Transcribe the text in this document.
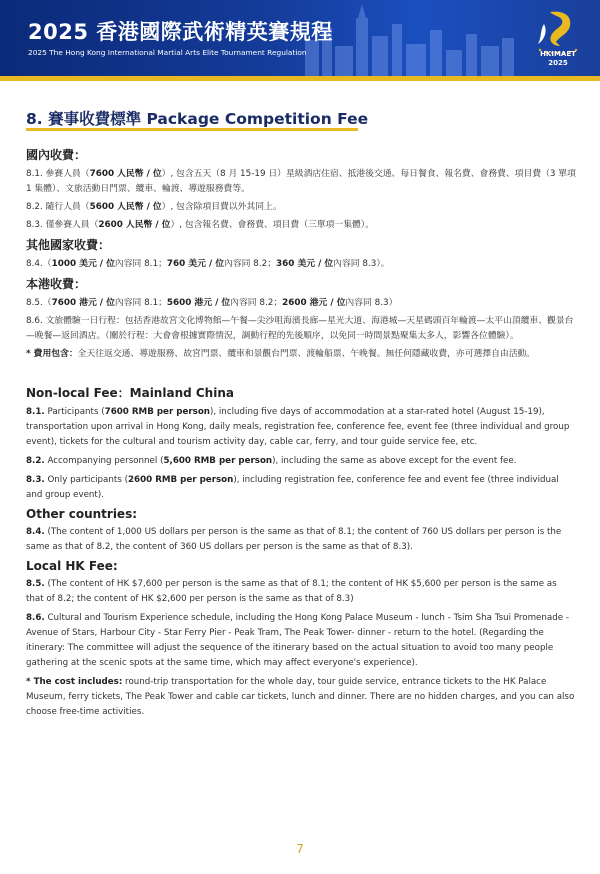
2025 香港國際武術精英賽規程
2025 The Hong Kong International Martial Arts Elite Tournament Regulation	HKIMAET
2025
8. 賽事收費標準 Package Competition Fee
國內收費：

8.1. 參賽人員（7600 人民幣 / 位）, 包含五天（8 月 15-19 日）星級酒店住宿、抵港後交通、每日餐食、報名費、會務費、項目費（3 單項 1 集體）、文旅活動日門票、纜車、輪渡、導遊服務費等。

8.2. 隨行人員（5600 人民幣 / 位）, 包含除項目費以外其同上。

8.3. 僅參賽人員（2600 人民幣 / 位）, 包含報名費、會務費、項目費（三單項一集體）。

其他國家收費：

8.4.（1000 美元 / 位內容同 8.1；760 美元 / 位內容同 8.2；360 美元 / 位內容同 8.3）。

本港收費：

8.5.（7600 港元 / 位內容同 8.1；5600 港元 / 位內容同 8.2；2600 港元 / 位內容同 8.3）

8.6. 文旅體驗一日行程：包括香港故宮文化博物館—午餐—尖沙咀海濱長廊—星光大道、海港城—天星碼頭百年輪渡—太平山頂纜車、觀景台—晚餐—返回酒店。（關於行程：大會會根據實際情況，調動行程的先後順序，以免同一時間景點聚集太多人，影響各位體驗）。

* 費用包含：全天往返交通、導遊服務、故宮門票、纜車和景觀台門票、渡輪船票、午晚餐。無任何隱藏收費，亦可選擇自由活動。

Non-local Fee：Mainland China

8.1. Participants (7600 RMB per person), including five days of accommodation at a star-rated hotel (August 15-19), transportation upon arrival in Hong Kong, daily meals, registration fee, conference fee, event fee (three individual and group event), tickets for the cultural and tourism activity day, cable car, ferry, and tour guide service fee, etc.

8.2. Accompanying personnel (5,600 RMB per person), including the same as above except for the event fee.

8.3. Only participants (2600 RMB per person), including registration fee, conference fee and event fee (three individual and group event).

Other countries:

8.4. (The content of 1,000 US dollars per person is the same as that of 8.1; the content of 760 US dollars per person is the same as that of 8.2, the content of 360 US dollars per person is the same as that of 8.3).

Local HK Fee:

8.5. (The content of HK $7,600 per person is the same as that of 8.1; the content of HK $5,600 per person is the same as that of 8.2; the content of HK $2,600 per person is the same as that of 8.3)

8.6. Cultural and Tourism Experience schedule, including the Hong Kong Palace Museum - lunch - Tsim Sha Tsui Promenade - Avenue of Stars, Harbour City - Star Ferry Pier - Peak Tram, The Peak Tower- dinner - return to the hotel. (Regarding the itinerary: The committee will adjust the sequence of the itinerary based on the actual situation to avoid too many people gathering at the scenic spots at the same time, which may affect everyone's experience).

* The cost includes: round-trip transportation for the whole day, tour guide service, entrance tickets to the HK Palace Museum, ferry tickets, The Peak Tower and cable car tickets, lunch and dinner. There are no hidden charges, and you can also choose free-time activities.

7
